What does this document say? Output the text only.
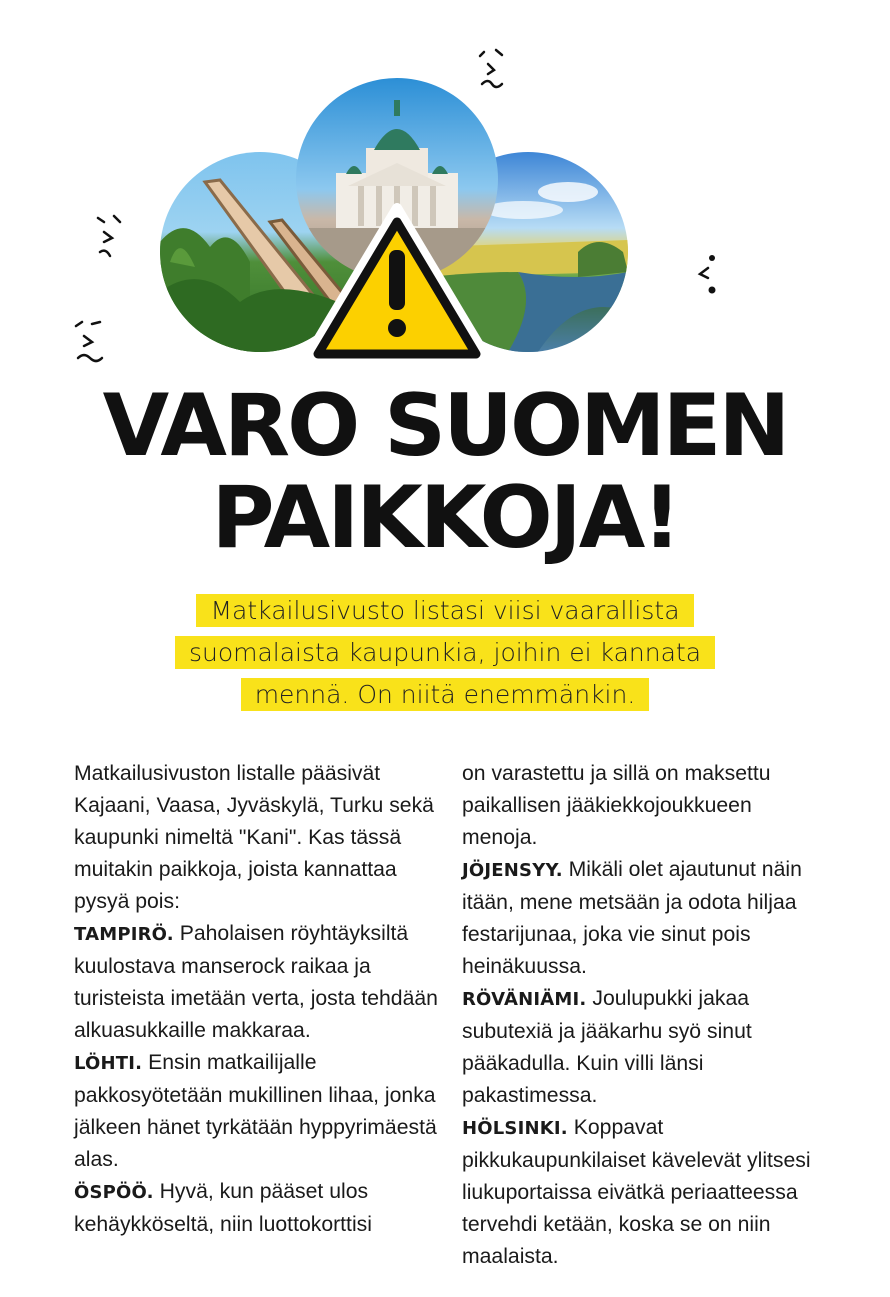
VARO SUOMEN
PAIKKOJA!
Matkailusivusto listasi viisi vaarallista
suomalaista kaupunkia, joihin ei kannata
mennä. On niitä enemmänkin.

Matkailusivuston listalle pääsivät Kajaani, Vaasa, Jyväskylä, Turku sekä kaupunki nimeltä "Kani". Kas tässä muitakin paikkoja, joista kannattaa pysyä pois:

TAMPIRÖ. Paholaisen röyhtäyksiltä kuulostava manserock raikaa ja turisteista imetään verta, josta tehdään alkuasukkaille makkaraa.

LÖHTI. Ensin matkailijalle pakkosyötetään mukillinen lihaa, jonka jälkeen hänet tyrkätään hyppyrimäestä alas.

ÖSPÖÖ. Hyvä, kun pääset ulos kehäykköseltä, niin luottokorttisi

on varastettu ja sillä on maksettu paikallisen jääkiekkojoukkueen menoja.

JÖJENSYY. Mikäli olet ajautunut näin itään, mene metsään ja odota hiljaa festarijunaa, joka vie sinut pois heinäkuussa.

RÖVÄNIÄMI. Joulupukki jakaa subutexiä ja jääkarhu syö sinut pääkadulla. Kuin villi länsi pakastimessa.

HÖLSINKI. Koppavat pikkukaupunkilaiset kävelevät ylitsesi liukuportaissa eivätkä periaatteessa tervehdi ketään, koska se on niin maalaista.
